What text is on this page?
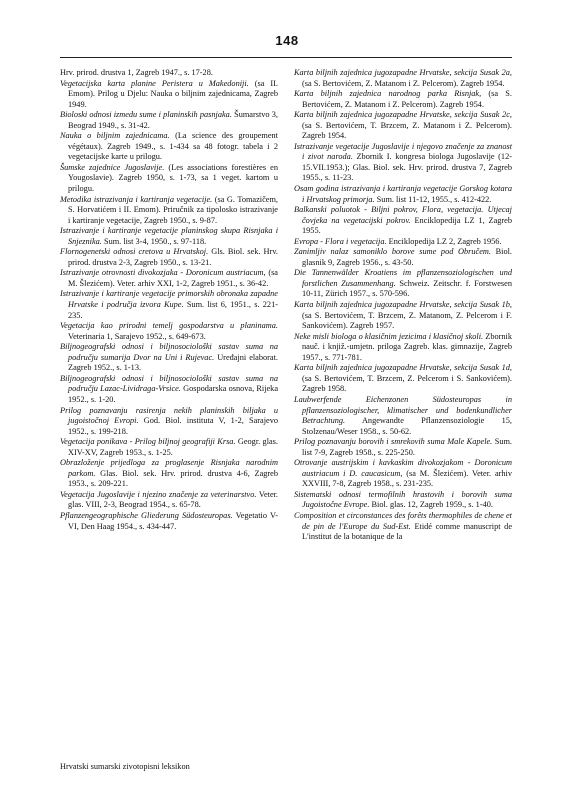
148

Hrv. prirod. drustva 1, Zagreb 1947., s. 17-28.

Vegetacijska karta planine Peristera u Makedoniji. (sa II. Emom). Prilog u Djelu: Nauka o biljnim zajednicama, Zagreb 1949.

Bioloski odnosi izmedu sume i planinskih pasnjaka. Šumarstvo 3, Beograd 1949., s. 31-42.

Nauka o biljnim zajednicama. (La science des groupement végétaux). Zagreb 1949., s. 1-434 sa 48 fotogr. tabela i 2 vegetacijske karte u prilogu.

Šumske zajednice Jugoslavije. (Les associations forestières en Yougoslavie). Zagreb 1950, s. 1-73, sa 1 veget. kartom u prilogu.

Metodika istrazivanja i kartiranja vegetacije. (sa G. Tomazičem, S. Horvatićem i II. Emom). Priručnik za tipolosko istrazivanje i kartiranje vegetacije, Zagreb 1950., s. 9-87.

Istrazivanje i kartiranje vegetacije planinskog skupa Risnjaka i Snjeznika. Sum. list 3-4, 1950., s. 97-118.

Flornogenetski odnosi cretova u Hrvatskoj. Gls. Biol. sek. Hrv. prirod. drustva 2-3, Zagreb 1950., s. 13-21.

Istrazivanje otrovnosti divokozjaka - Doronicum austriacum, (sa M. Šlezićem). Veter. arhiv XXI, 1-2, Zagreb 1951., s. 36-42.

Istrazivanje i kartiranje vegetacije primorskih obronaka zapadne Hrvatske i područja izvora Kupe. Sum. list 6, 1951., s. 221-235.

Vegetacija kao prirodni temelj gospodarstva u planinama. Veterinaria 1, Sarajevo 1952., s. 649-673.

Biljnogeografski odnosi i biljnosociološki sastav suma na području sumarija Dvor na Uni i Rujevac. Uređajni elaborat. Zagreb 1952., s. 1-13.

Biljnogeografski odnosi i biljnosociološki sastav suma na području Lazac-Lividraga-Vrsice. Gospodarska osnova, Rijeka 1952., s. 1-20.

Prilog poznavanju rasirenja nekih planinskih biljaka u jugoistočnoj Evropi. God. Biol. instituta V, 1-2, Sarajevo 1952., s. 199-218.

Vegetacija ponikava - Prilog biljnoj geografiji Krsa. Geogr. glas. XIV-XV, Zagreb 1953., s. 1-25.

Obrazloženje prijedloga za proglasenje Risnjaka narodnim parkom. Glas. Biol. sek. Hrv. prirod. drustva 4-6, Zagreb 1953., s. 209-221.

Vegetacija Jugoslavije i njezino značenje za veterinarstvo. Veter. glas. VIII, 2-3, Beograd 1954., s. 65-78.

Pflanzengeographische Gliederung Südosteuropas. Vegetatio V-VI, Den Haag 1954., s. 434-447.

Karta biljnih zajednica jugozapadne Hrvatske, sekcija Susak 2a, (sa S. Bertovićem, Z. Matanom i Z. Pelcerom). Zagreb 1954.

Karta biljnih zajednica narodnog parka Risnjak, (sa S. Bertovićem, Z. Matanom i Z. Pelcerom). Zagreb 1954.

Karta biljnih zajednica jugozapadne Hrvatske, sekcija Susak 2c, (sa S. Bertovićem, T. Brzcem, Z. Matanom i Z. Pelcerom). Zagreb 1954.

Istrazivanje vegetacije Jugoslavije i njegovo značenje za znanost i zivot naroda. Zbornik I. kongresa biologa Jugoslavije (12-15.VII.1953.); Glas. Biol. sek. Hrv. prirod. drustva 7, Zagreb 1955., s. 11-23.

Osam godina istrazivanja i kartiranja vegetacije Gorskog kotara i Hrvatskog primorja. Sum. list 11-12, 1955., s. 412-422.

Balkanski poluotok - Biljni pokrov, Flora, vegetacija. Utjecaj čovjeka na vegetacijski pokrov. Enciklopedija LZ 1, Zagreb 1955.

Evropa - Flora i vegetacija. Enciklopedija LZ 2, Zagreb 1956.

Zanimljiv nalaz samoniklo borove sume pod Obručem. Biol. glasnik 9, Zagreb 1956., s. 43-50.

Die Tannenwälder Kroatiens im pflanzensoziologischen und forstlichen Zusammenhang. Schweiz. Zeitschr. f. Forstwesen 10-11, Zürich 1957., s. 570-596.

Karta biljnih zajednica jugozapadne Hrvatske, sekcija Susak 1b, (sa S. Bertovićem, T. Brzcem, Z. Matanom, Z. Pelcerom i F. Sankovićem). Zagreb 1957.

Neke misli biologa o klasičnim jezicima i klasičnoj skoli. Zbornik nauč. i knjiž.-umjetn. priloga Zagreb. klas. gimnazije, Zagreb 1957., s. 771-781.

Karta biljnih zajednica jugozapadne Hrvatske, sekcija Susak 1d, (sa S. Bertovićem, T. Brzcem, Z. Pelcerom i S. Sankovićem). Zagreb 1958.

Laubwerfende Eichenzonen Südosteuropas in pflanzensoziologischer, klimatischer und bodenkundlicher Betrachtung. Angewandte Pflanzensoziologie 15, Stolzenau/Weser 1958., s. 50-62.

Prilog poznavanju borovih i smrekovih suma Male Kapele. Sum. list 7-9, Zagreb 1958., s. 225-250.

Otrovanje austrijskim i kavkaskim divokozjakom - Doronicum austriacum i D. caucasicum, (sa M. Šlezićem). Veter. arhiv XXVIII, 7-8, Zagreb 1958., s. 231-235.

Sistematski odnosi termofilnih hrastovih i borovih suma Jugoistočne Evrope. Biol. glas. 12, Zagreb 1959., s. 1-40.

Composition et circonstances des forêts thermophiles de chene et de pin de l'Europe du Sud-Est. Etidé comme manuscript de L'institut de la botanique de la

Hrvatski sumarski zivotopisni leksikon
